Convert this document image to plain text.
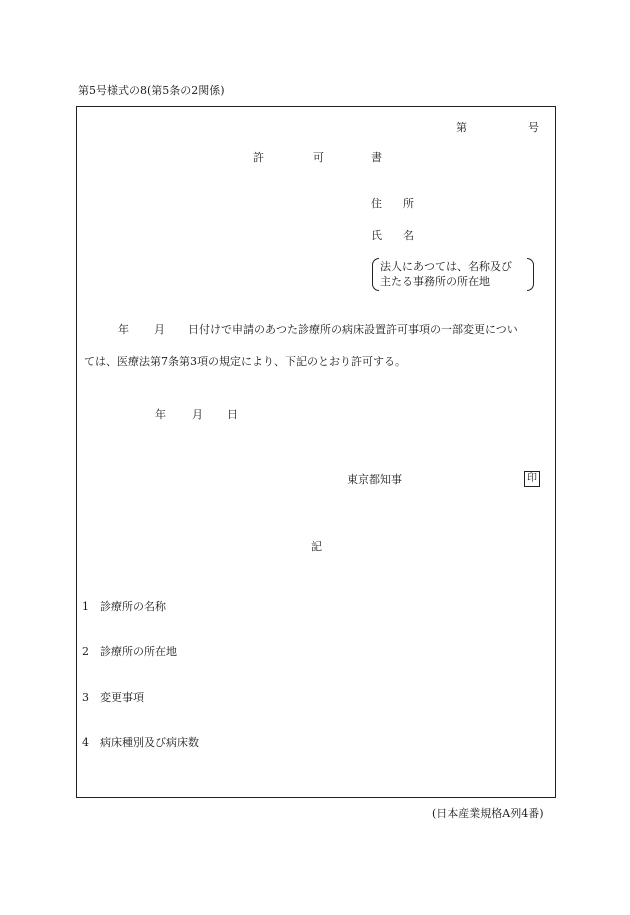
第5号様式の8(第5条の2関係)
第	号
許	可	書
住 所
氏 名
法人にあつては、名称及び
主たる事務所の所在地
年 月 日付けで申請のあつた診療所の病床設置許可事項の一部変更につい
ては、医療法第7条第3項の規定により、下記のとおり許可する。
年 月 日
東京都知事	印
記
1 診療所の名称
2 診療所の所在地
3 変更事項
4 病床種別及び病床数
(日本産業規格A列4番)
